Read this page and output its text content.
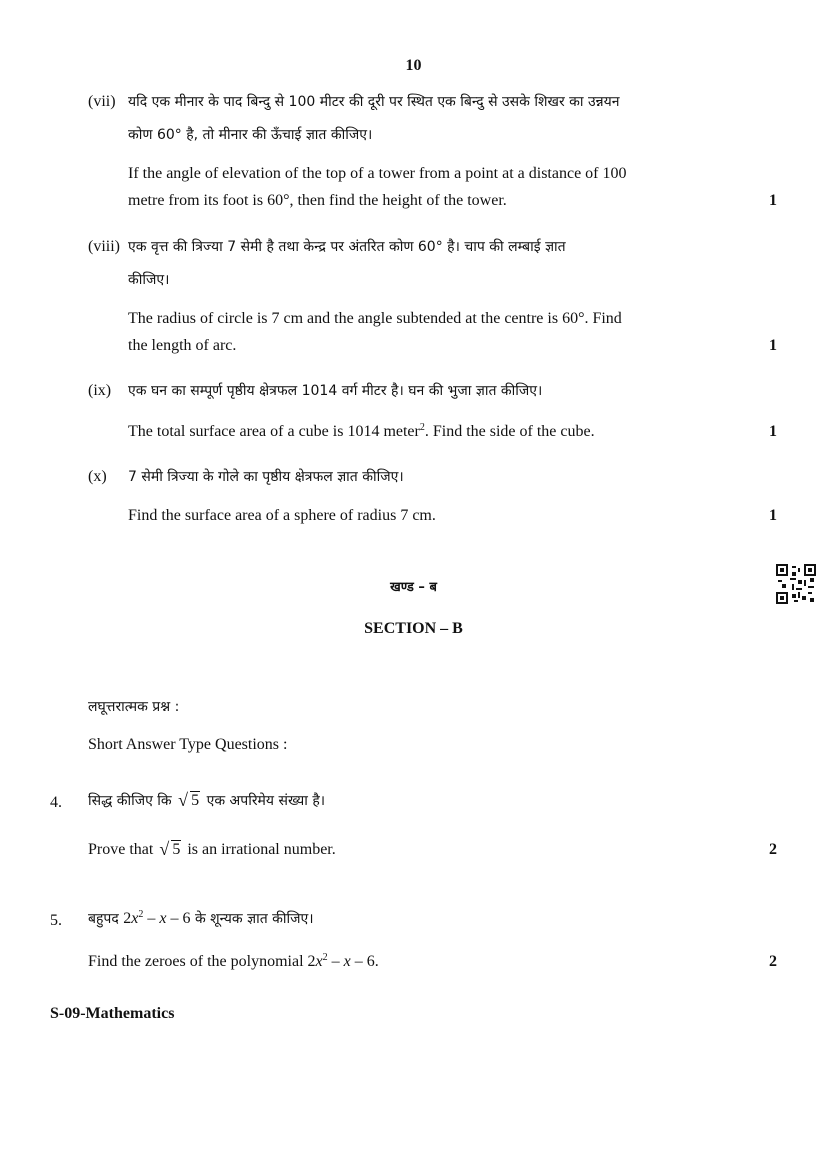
10
(vii) यदि एक मीनार के पाद बिन्दु से 100 मीटर की दूरी पर स्थित एक बिन्दु से उसके शिखर का उन्नयन
कोण 60° है, तो मीनार की ऊँचाई ज्ञात कीजिए।
If the angle of elevation of the top of a tower from a point at a distance of 100
metre from its foot is 60°, then find the height of the tower.	1
(viii) एक वृत्त की त्रिज्या 7 सेमी है तथा केन्द्र पर अंतरित कोण 60° है। चाप की लम्बाई ज्ञात
कीजिए।
The radius of circle is 7 cm and the angle subtended at the centre is 60°. Find
the length of arc.	1
(ix) एक घन का सम्पूर्ण पृष्ठीय क्षेत्रफल 1014 वर्ग मीटर है। घन की भुजा ज्ञात कीजिए।
The total surface area of a cube is 1014 meter$^2$. Find the side of the cube.	1
(x) 7 सेमी त्रिज्या के गोले का पृष्ठीय क्षेत्रफल ज्ञात कीजिए।
Find the surface area of a sphere of radius 7 cm.	1
खण्ड – ब
SECTION – B
लघूत्तरात्मक प्रश्न :
Short Answer Type Questions :
4. सिद्ध कीजिए कि √ 5 एक अपरिमेय संख्या है।
Prove that √ 5 is an irrational number.	2
5. बहुपद $2x^2$ – x – 6 के शून्यक ज्ञात कीजिए।
Find the zeroes of the polynomial $2x^2$ – x – 6.	2
S-09-Mathematics
